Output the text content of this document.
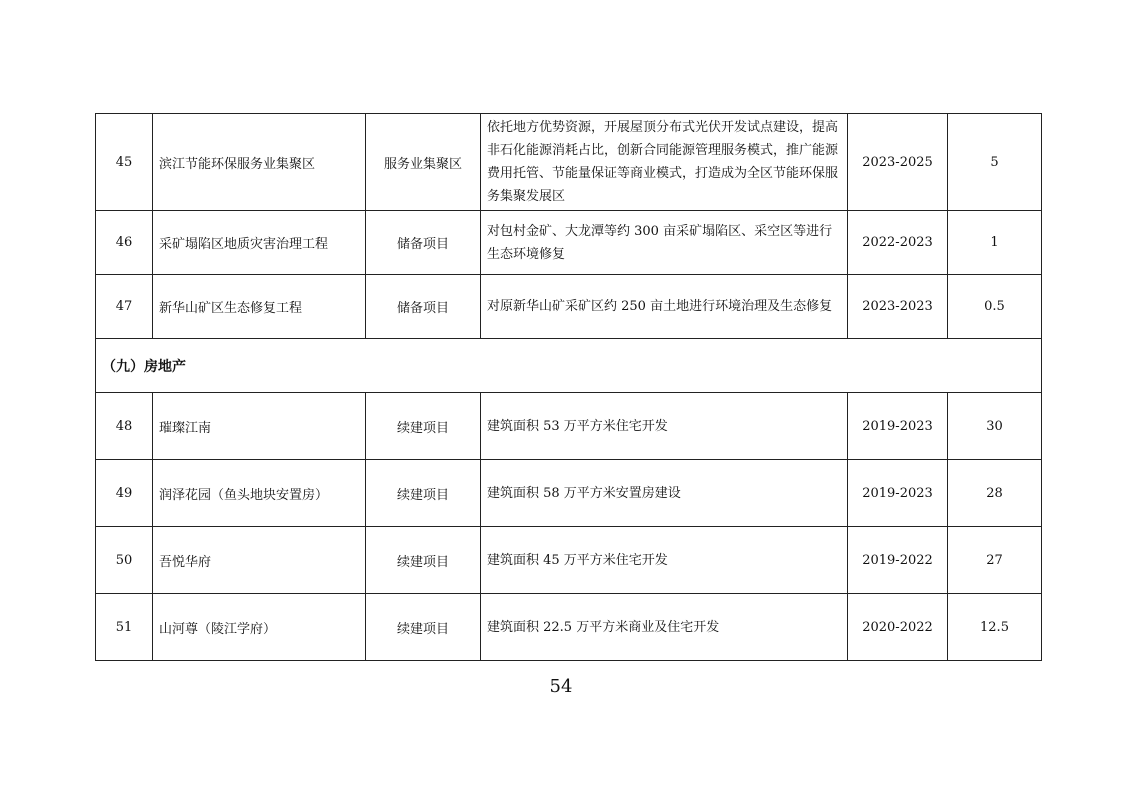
45	滨江节能环保服务业集聚区	服务业集聚区	依托地方优势资源，开展屋顶分布式光伏开发试点建设，提高非石化能源消耗占比，创新合同能源管理服务模式，推广能源费用托管、节能量保证等商业模式，打造成为全区节能环保服务集聚发展区	2023-2025	5
46	采矿塌陷区地质灾害治理工程	储备项目	对包村金矿、大龙潭等约 300 亩采矿塌陷区、采空区等进行生态环境修复	2022-2023	1
47	新华山矿区生态修复工程	储备项目	对原新华山矿采矿区约 250 亩土地进行环境治理及生态修复	2023-2023	0.5
（九）房地产					
48	璀璨江南	续建项目	建筑面积 53 万平方米住宅开发	2019-2023	30
49	润泽花园（鱼头地块安置房）	续建项目	建筑面积 58 万平方米安置房建设	2019-2023	28
50	吾悦华府	续建项目	建筑面积 45 万平方米住宅开发	2019-2022	27
51	山河尊（陵江学府）	续建项目	建筑面积 22.5 万平方米商业及住宅开发	2020-2022	12.5
54
